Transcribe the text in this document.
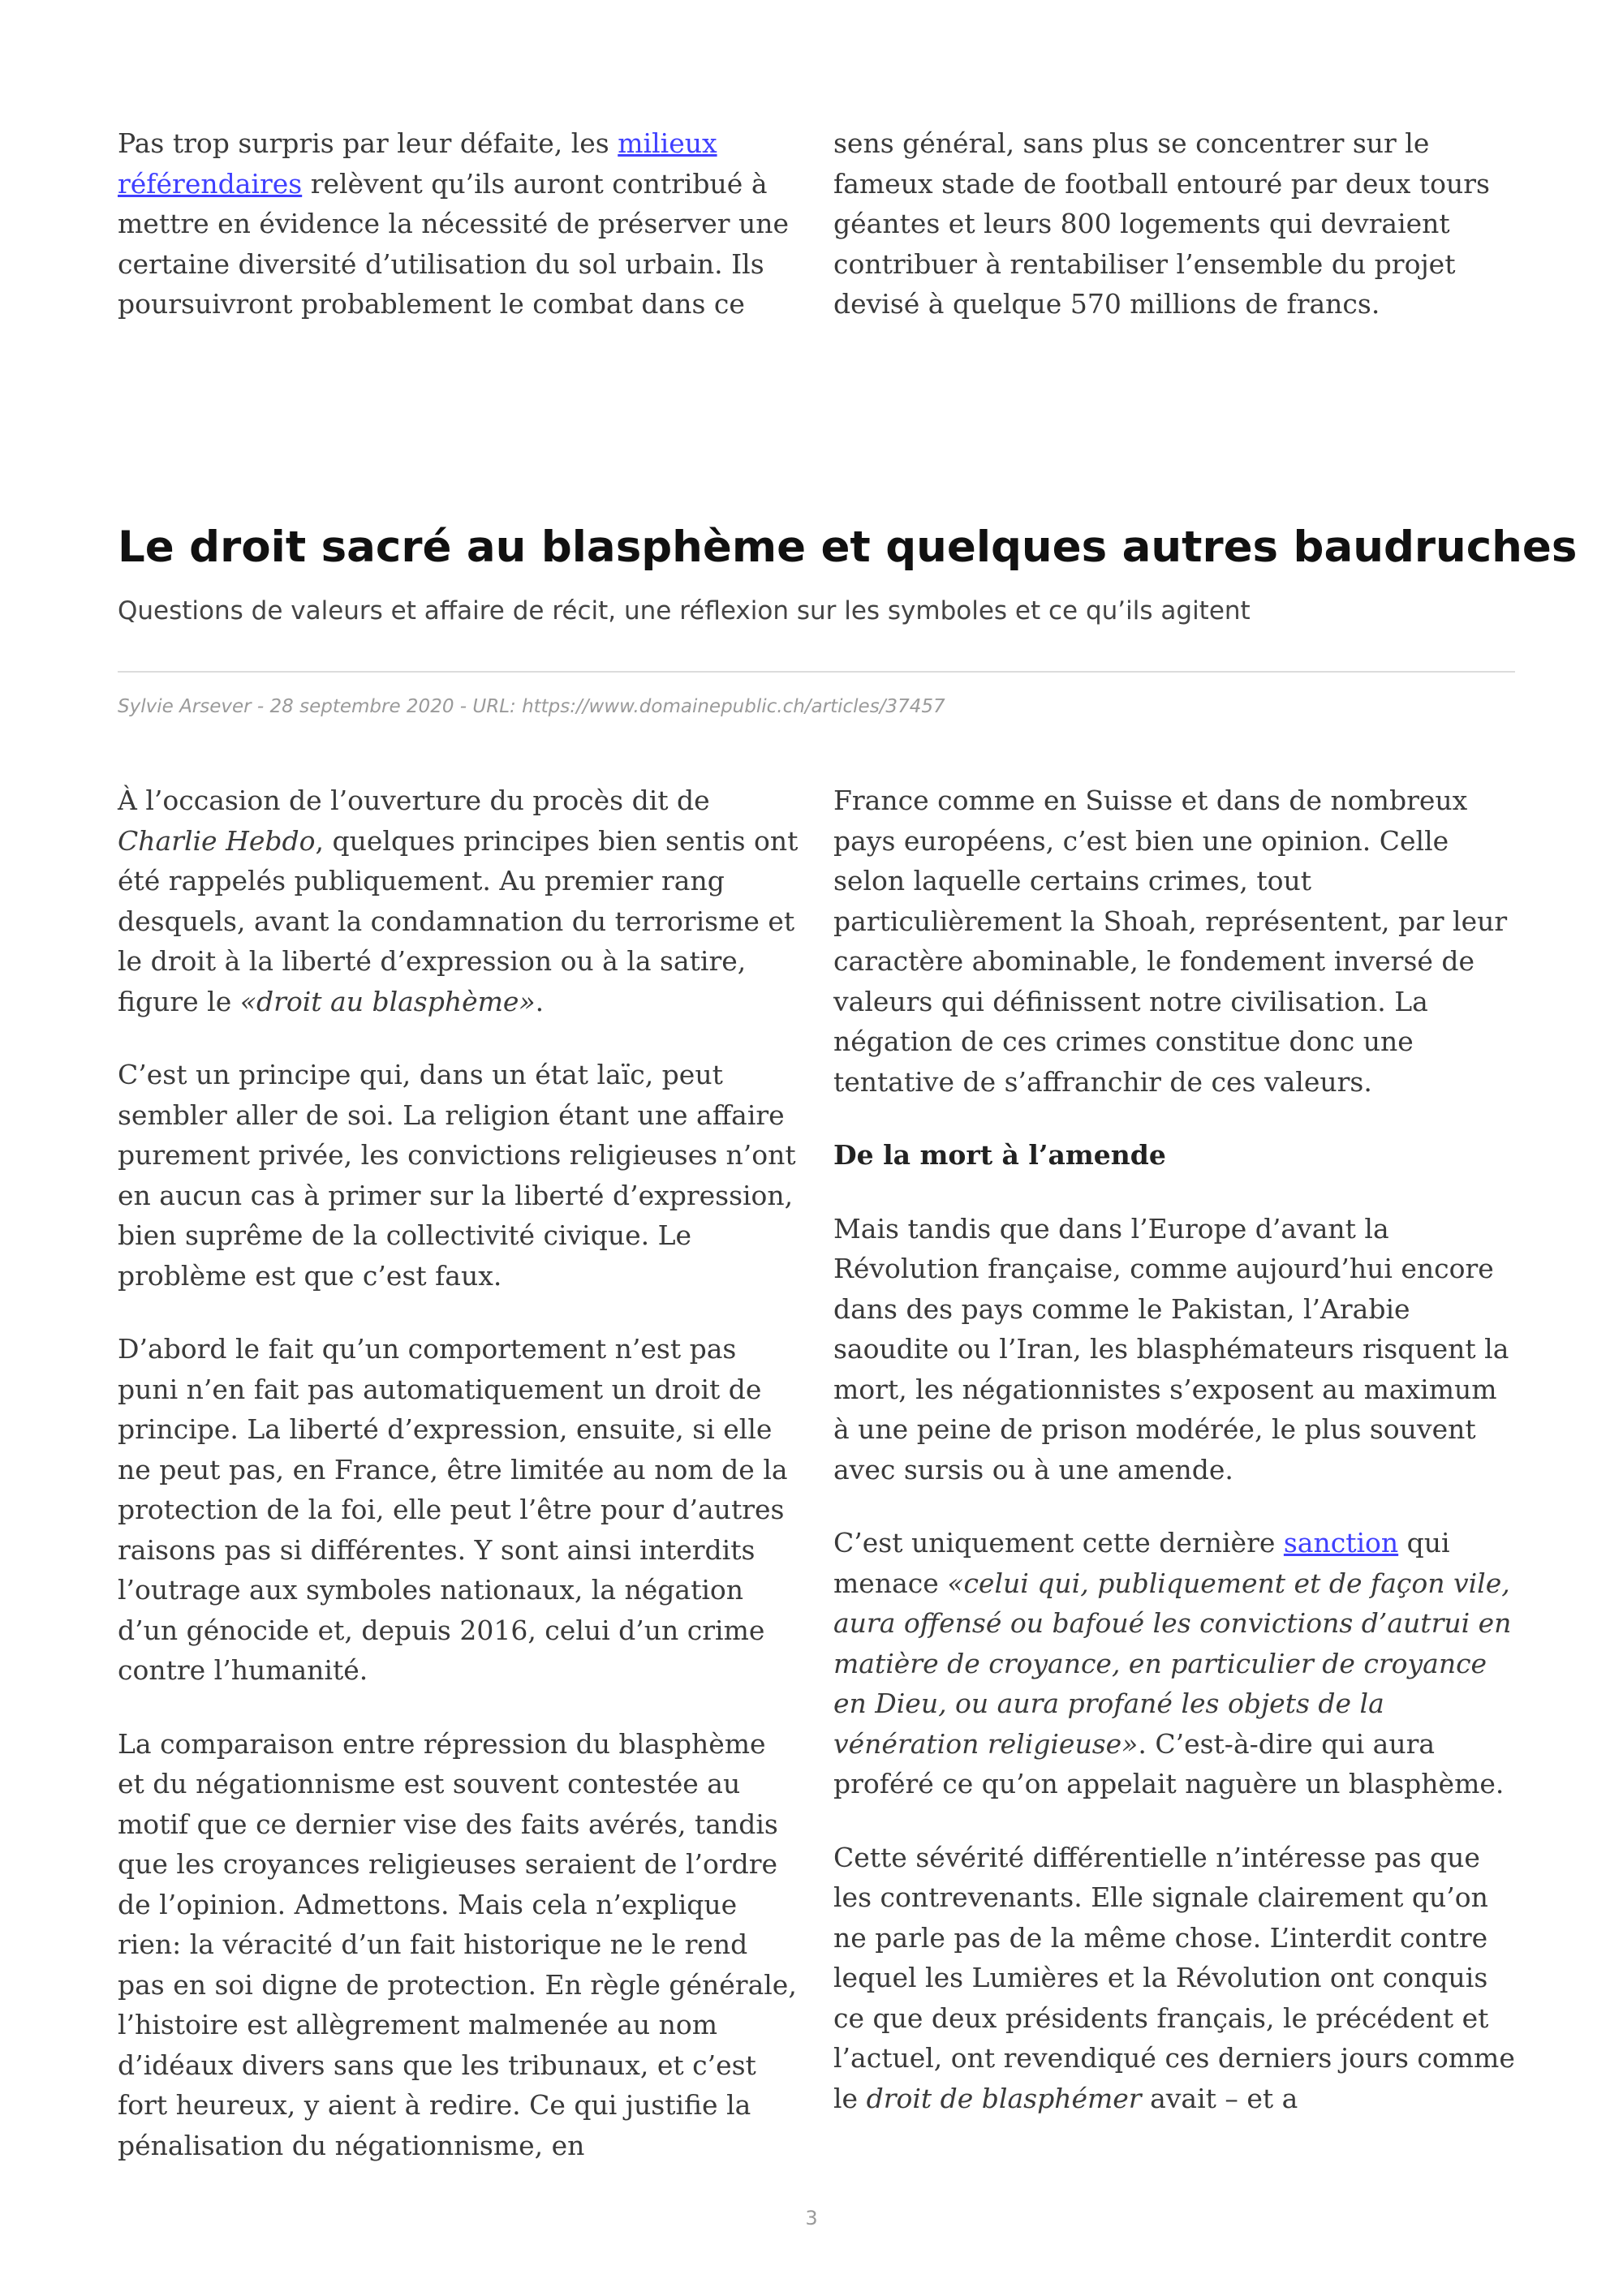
Pas trop surpris par leur défaite, les milieux référendaires relèvent qu’ils auront contribué à mettre en évidence la nécessité de préserver une certaine diversité d’utilisation du sol urbain. Ils poursuivront probablement le combat dans ce

sens général, sans plus se concentrer sur le fameux stade de football entouré par deux tours géantes et leurs 800 logements qui devraient contribuer à rentabiliser l’ensemble du projet devisé à quelque 570 millions de francs.

Le droit sacré au blasphème et quelques autres baudruches

Questions de valeurs et affaire de récit, une réflexion sur les symboles et ce qu’ils agitent

Sylvie Arsever - 28 septembre 2020 - URL: https://www.domainepublic.ch/articles/37457

À l’occasion de l’ouverture du procès dit de Charlie Hebdo, quelques principes bien sentis ont été rappelés publiquement. Au premier rang desquels, avant la condamnation du terrorisme et le droit à la liberté d’expression ou à la satire, figure le «droit au blasphème».

C’est un principe qui, dans un état laïc, peut sembler aller de soi. La religion étant une affaire purement privée, les convictions religieuses n’ont en aucun cas à primer sur la liberté d’expression, bien suprême de la collectivité civique. Le problème est que c’est faux.

D’abord le fait qu’un comportement n’est pas puni n’en fait pas automatiquement un droit de principe. La liberté d’expression, ensuite, si elle ne peut pas, en France, être limitée au nom de la protection de la foi, elle peut l’être pour d’autres raisons pas si différentes. Y sont ainsi interdits l’outrage aux symboles nationaux, la négation d’un génocide et, depuis 2016, celui d’un crime contre l’humanité.

La comparaison entre répression du blasphème et du négationnisme est souvent contestée au motif que ce dernier vise des faits avérés, tandis que les croyances religieuses seraient de l’ordre de l’opinion. Admettons. Mais cela n’explique rien: la véracité d’un fait historique ne le rend pas en soi digne de protection. En règle générale, l’histoire est allègrement malmenée au nom d’idéaux divers sans que les tribunaux, et c’est fort heureux, y aient à redire. Ce qui justifie la pénalisation du négationnisme, en

France comme en Suisse et dans de nombreux pays européens, c’est bien une opinion. Celle selon laquelle certains crimes, tout particulièrement la Shoah, représentent, par leur caractère abominable, le fondement inversé de valeurs qui définissent notre civilisation. La négation de ces crimes constitue donc une tentative de s’affranchir de ces valeurs.

De la mort à l’amende

Mais tandis que dans l’Europe d’avant la Révolution française, comme aujourd’hui encore dans des pays comme le Pakistan, l’Arabie saoudite ou l’Iran, les blasphémateurs risquent la mort, les négationnistes s’exposent au maximum à une peine de prison modérée, le plus souvent avec sursis ou à une amende.

C’est uniquement cette dernière sanction qui menace «celui qui, publiquement et de façon vile, aura offensé ou bafoué les convictions d’autrui en matière de croyance, en particulier de croyance en Dieu, ou aura profané les objets de la vénération religieuse». C’est-à-dire qui aura proféré ce qu’on appelait naguère un blasphème.

Cette sévérité différentielle n’intéresse pas que les contrevenants. Elle signale clairement qu’on ne parle pas de la même chose. L’interdit contre lequel les Lumières et la Révolution ont conquis ce que deux présidents français, le précédent et l’actuel, ont revendiqué ces derniers jours comme le droit de blasphémer avait – et a

3
